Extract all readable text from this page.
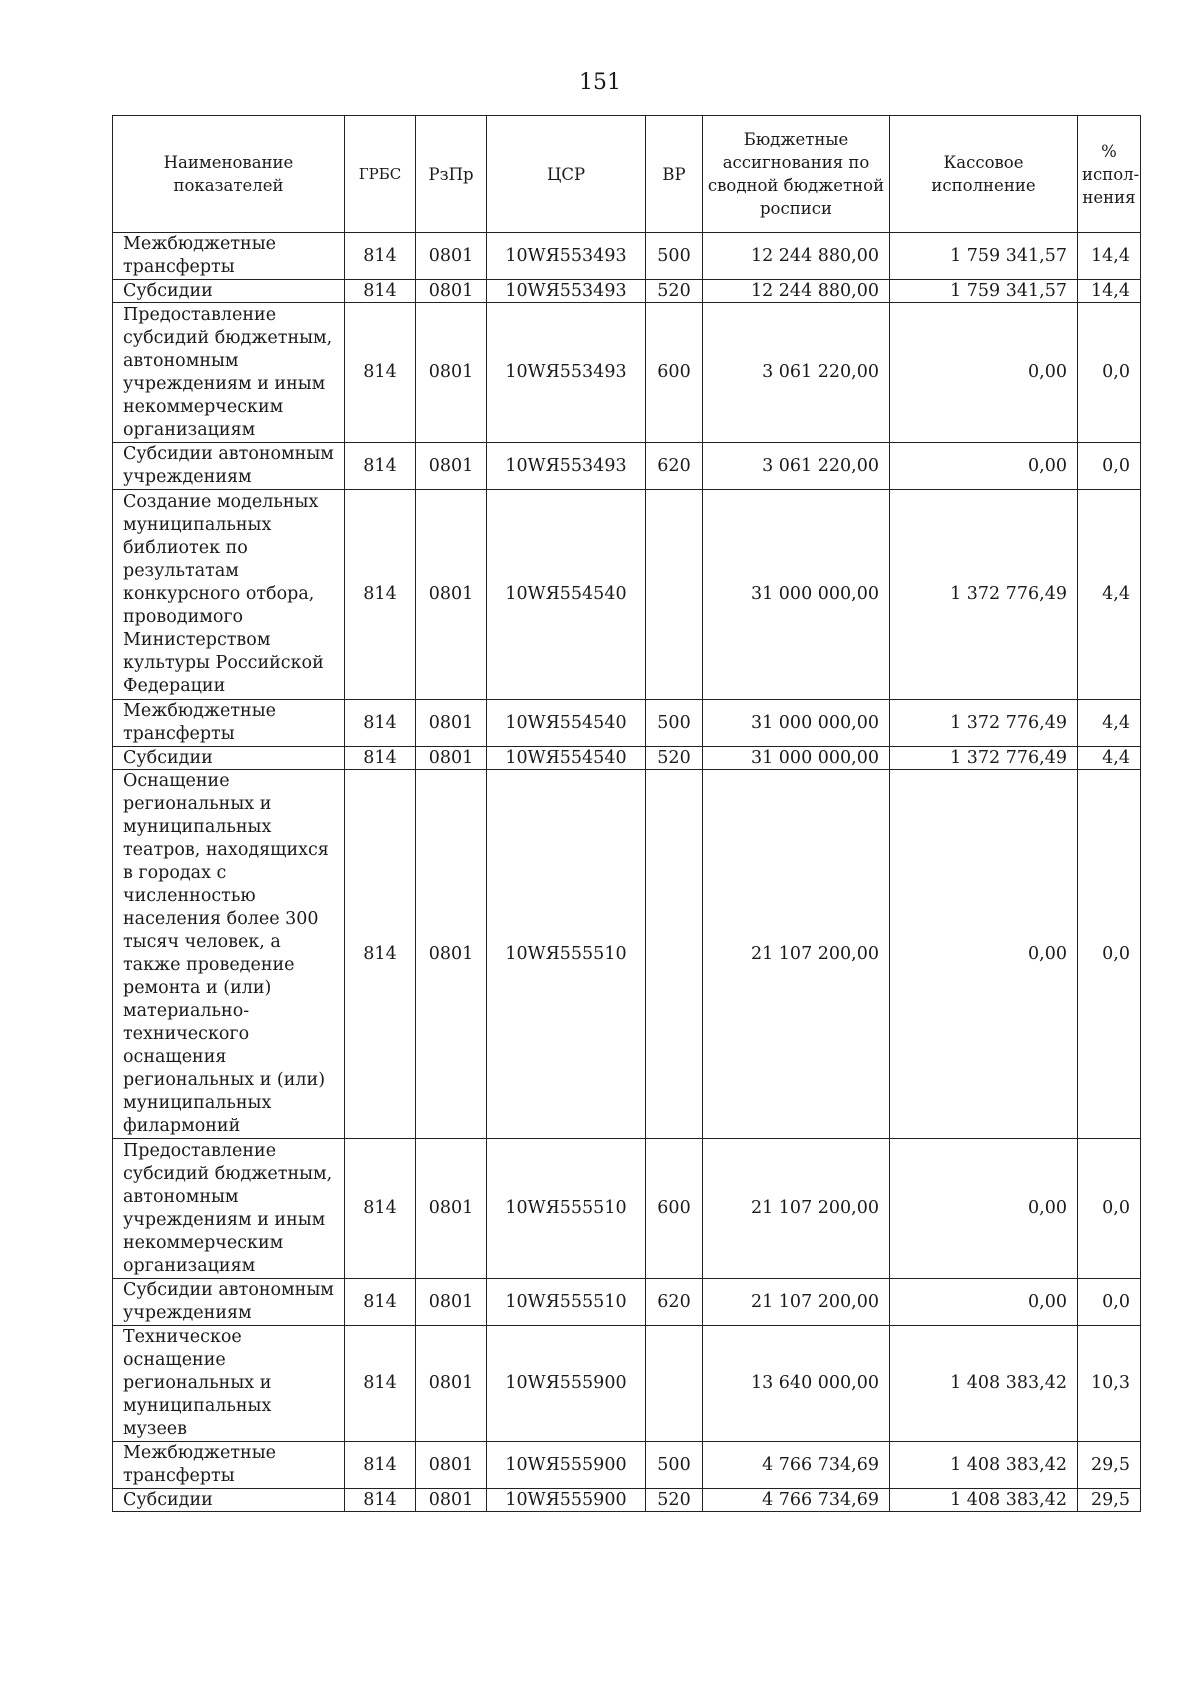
151
Наименование показателей	ГРБС	РзПр	ЦСР	ВР	Бюджетные ассигнования по сводной бюджетной росписи	Кассовое исполнение	% испол-нения
Межбюджетные трансферты	814	0801	10WЯ553493	500	12 244 880,00	1 759 341,57	14,4
Субсидии	814	0801	10WЯ553493	520	12 244 880,00	1 759 341,57	14,4
Предоставление субсидий бюджетным, автономным учреждениям и иным некоммерческим организациям	814	0801	10WЯ553493	600	3 061 220,00	0,00	0,0
Субсидии автономным учреждениям	814	0801	10WЯ553493	620	3 061 220,00	0,00	0,0
Создание модельных муниципальных библиотек по результатам конкурсного отбора, проводимого Министерством культуры Российской Федерации	814	0801	10WЯ554540		31 000 000,00	1 372 776,49	4,4
Межбюджетные трансферты	814	0801	10WЯ554540	500	31 000 000,00	1 372 776,49	4,4
Субсидии	814	0801	10WЯ554540	520	31 000 000,00	1 372 776,49	4,4
Оснащение региональных и муниципальных театров, находящихся в городах с численностью населения более 300 тысяч человек, а также проведение ремонта и (или) материально-технического оснащения региональных и (или) муниципальных филармоний	814	0801	10WЯ555510		21 107 200,00	0,00	0,0
Предоставление субсидий бюджетным, автономным учреждениям и иным некоммерческим организациям	814	0801	10WЯ555510	600	21 107 200,00	0,00	0,0
Субсидии автономным учреждениям	814	0801	10WЯ555510	620	21 107 200,00	0,00	0,0
Техническое оснащение региональных и муниципальных музеев	814	0801	10WЯ555900		13 640 000,00	1 408 383,42	10,3
Межбюджетные трансферты	814	0801	10WЯ555900	500	4 766 734,69	1 408 383,42	29,5
Субсидии	814	0801	10WЯ555900	520	4 766 734,69	1 408 383,42	29,5
